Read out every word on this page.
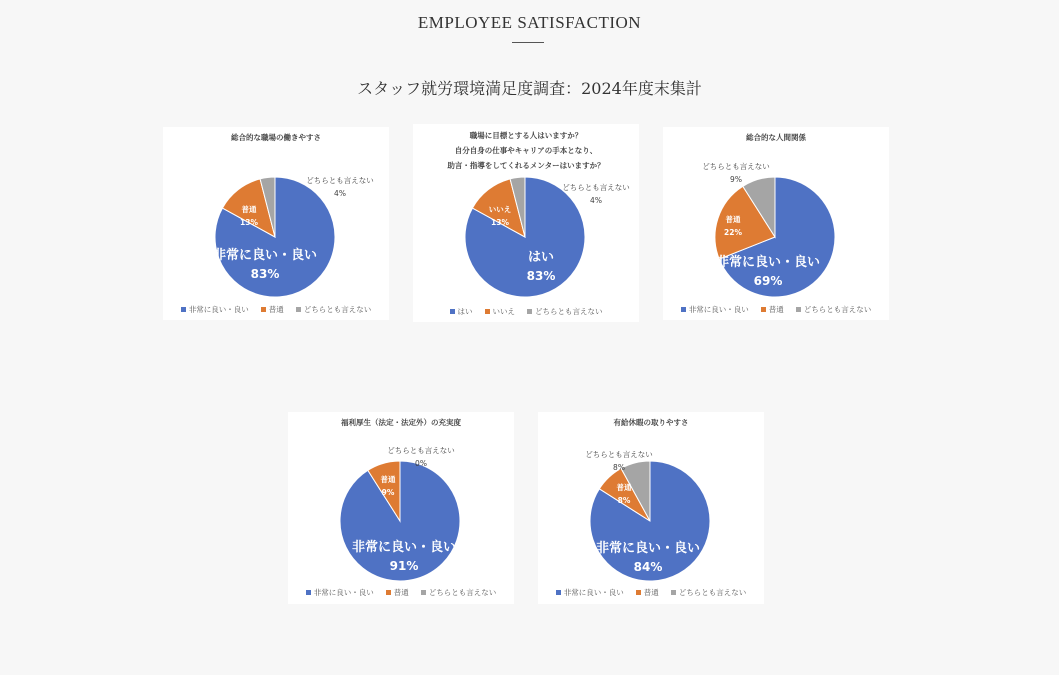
EMPLOYEE SATISFACTION
スタッフ就労環境満足度調査：2024年度末集計
総合的な職場の働きやすさ
非常に良い・良い
83%
普通
13%
どちらとも言えない
4%
非常に良い・良い	普通	どちらとも言えない
職場に目標とする人はいますか？
自分自身の仕事やキャリアの手本となり、
助言・指導をしてくれるメンターはいますか？
はい
83%
いいえ
13%
どちらとも言えない
4%
はい	いいえ	どちらとも言えない
総合的な人間関係
非常に良い・良い
69%
普通
22%
どちらとも言えない
9%
非常に良い・良い	普通	どちらとも言えない
福利厚生（法定・法定外）の充実度
非常に良い・良い
91%
普通
9%
どちらとも言えない
0%
非常に良い・良い	普通	どちらとも言えない
有給休暇の取りやすさ
非常に良い・良い
84%
普通
8%
どちらとも言えない
8%
非常に良い・良い	普通	どちらとも言えない
